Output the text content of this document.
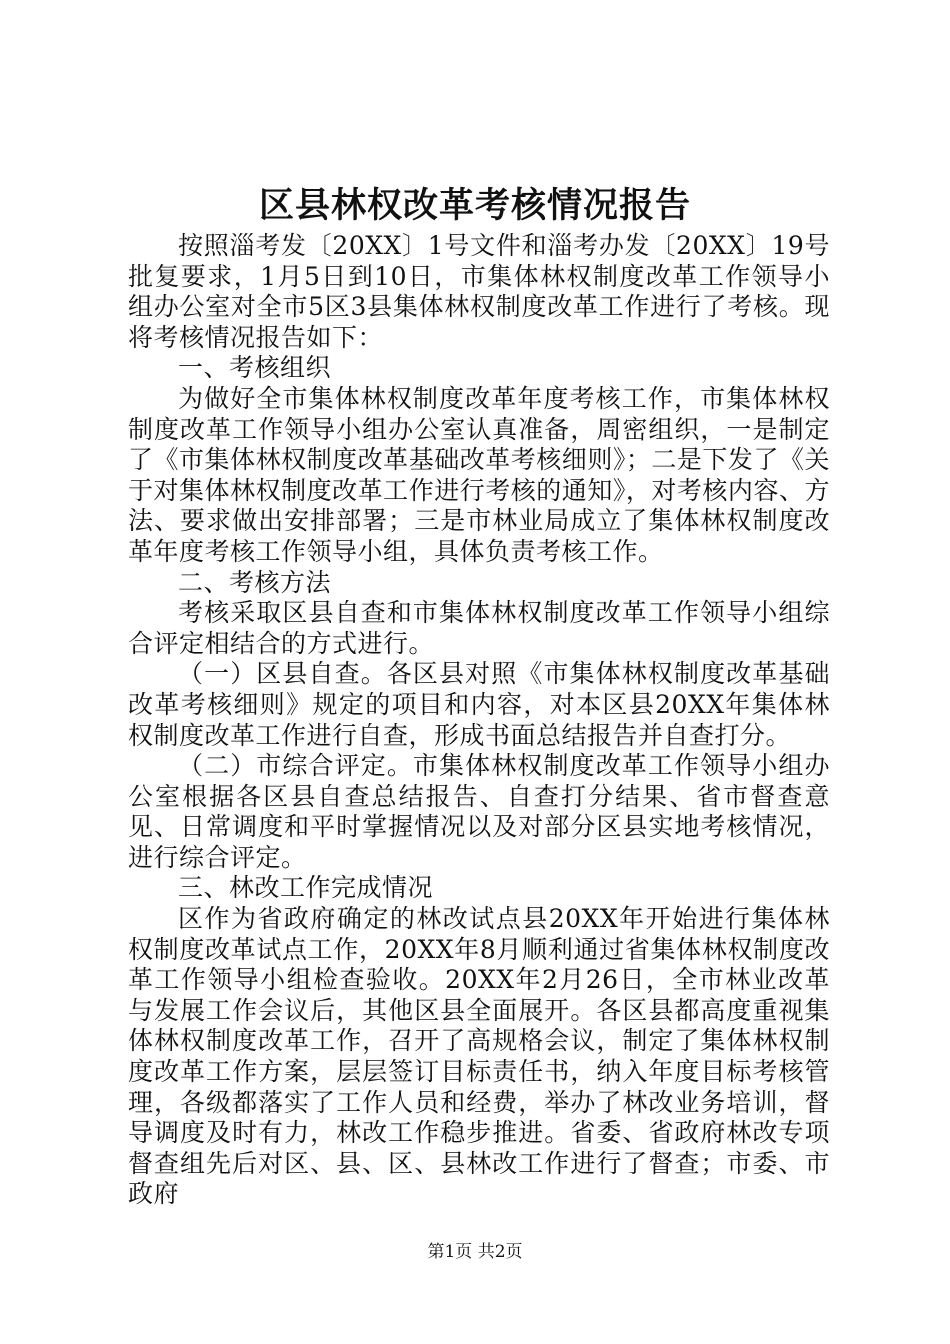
区县林权改革考核情况报告

按照淄考发〔20XX〕1号文件和淄考办发〔20XX〕19号批复要求，1月5日到10日，市集体林权制度改革工作领导小组办公室对全市5区3县集体林权制度改革工作进行了考核。现将考核情况报告如下：

一、考核组织

为做好全市集体林权制度改革年度考核工作，市集体林权制度改革工作领导小组办公室认真准备，周密组织，一是制定了《市集体林权制度改革基础改革考核细则》；二是下发了《关于对集体林权制度改革工作进行考核的通知》，对考核内容、方法、要求做出安排部署；三是市林业局成立了集体林权制度改革年度考核工作领导小组，具体负责考核工作。

二、考核方法

考核采取区县自查和市集体林权制度改革工作领导小组综合评定相结合的方式进行。

（一）区县自查。各区县对照《市集体林权制度改革基础改革考核细则》规定的项目和内容，对本区县20XX年集体林权制度改革工作进行自查，形成书面总结报告并自查打分。

（二）市综合评定。市集体林权制度改革工作领导小组办公室根据各区县自查总结报告、自查打分结果、省市督查意见、日常调度和平时掌握情况以及对部分区县实地考核情况，进行综合评定。

三、林改工作完成情况

区作为省政府确定的林改试点县20XX年开始进行集体林权制度改革试点工作，20XX年8月顺利通过省集体林权制度改革工作领导小组检查验收。20XX年2月26日，全市林业改革与发展工作会议后，其他区县全面展开。各区县都高度重视集体林权制度改革工作，召开了高规格会议，制定了集体林权制度改革工作方案，层层签订目标责任书，纳入年度目标考核管理，各级都落实了工作人员和经费，举办了林改业务培训，督导调度及时有力，林改工作稳步推进。省委、省政府林改专项督查组先后对区、县、区、县林改工作进行了督查；市委、市政府

第1页 共2页
